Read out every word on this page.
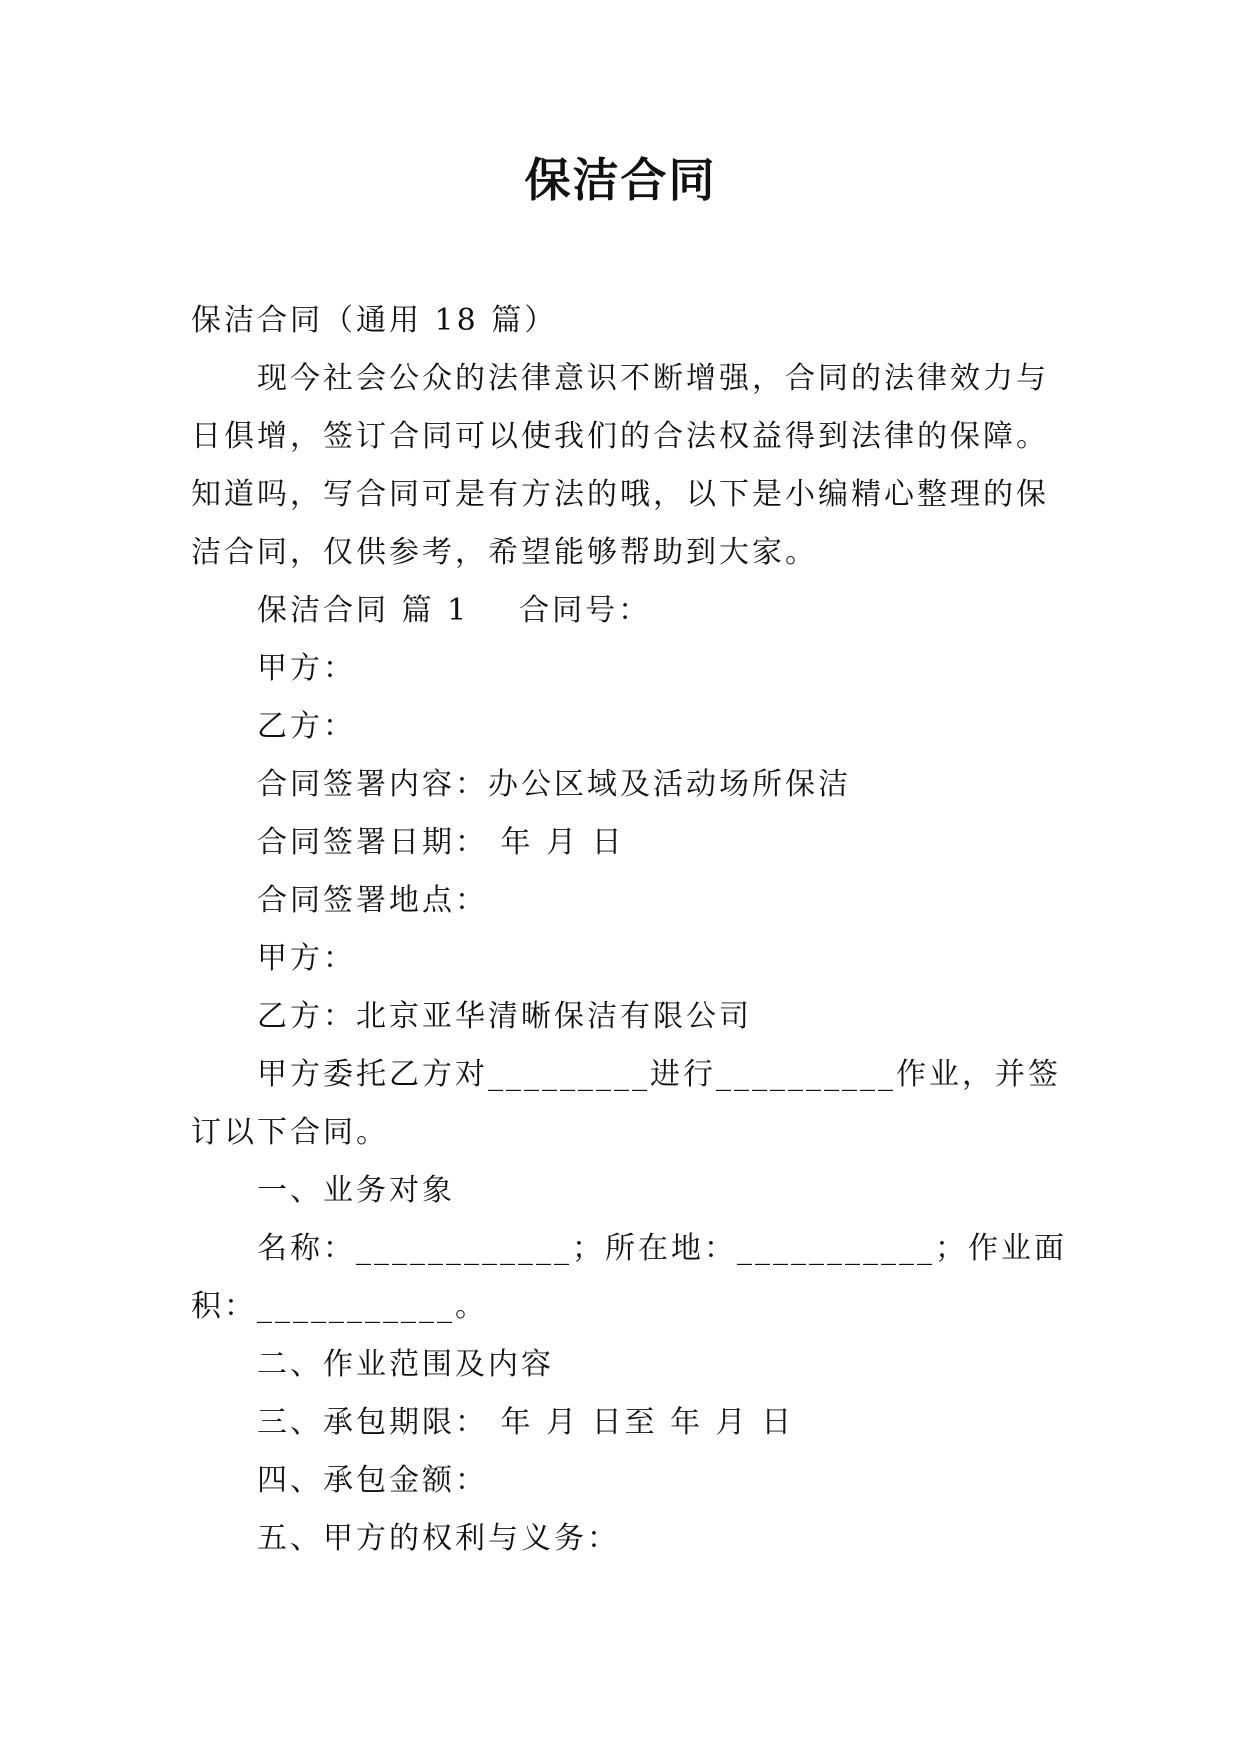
保洁合同

保洁合同（通用 18 篇）

现今社会公众的法律意识不断增强，合同的法律效力与

日俱增，签订合同可以使我们的合法权益得到法律的保障。

知道吗，写合同可是有方法的哦，以下是小编精心整理的保

洁合同，仅供参考，希望能够帮助到大家。

保洁合同 篇 1 合同号：

甲方：

乙方：

合同签署内容：办公区域及活动场所保洁

合同签署日期： 年 月 日

合同签署地点：

甲方：

乙方：北京亚华清晰保洁有限公司

甲方委托乙方对_________进行__________作业，并签

订以下合同。

一、业务对象

名称：____________；所在地：___________；作业面

积：___________。

二、作业范围及内容

三、承包期限： 年 月 日至 年 月 日

四、承包金额：

五、甲方的权利与义务：
